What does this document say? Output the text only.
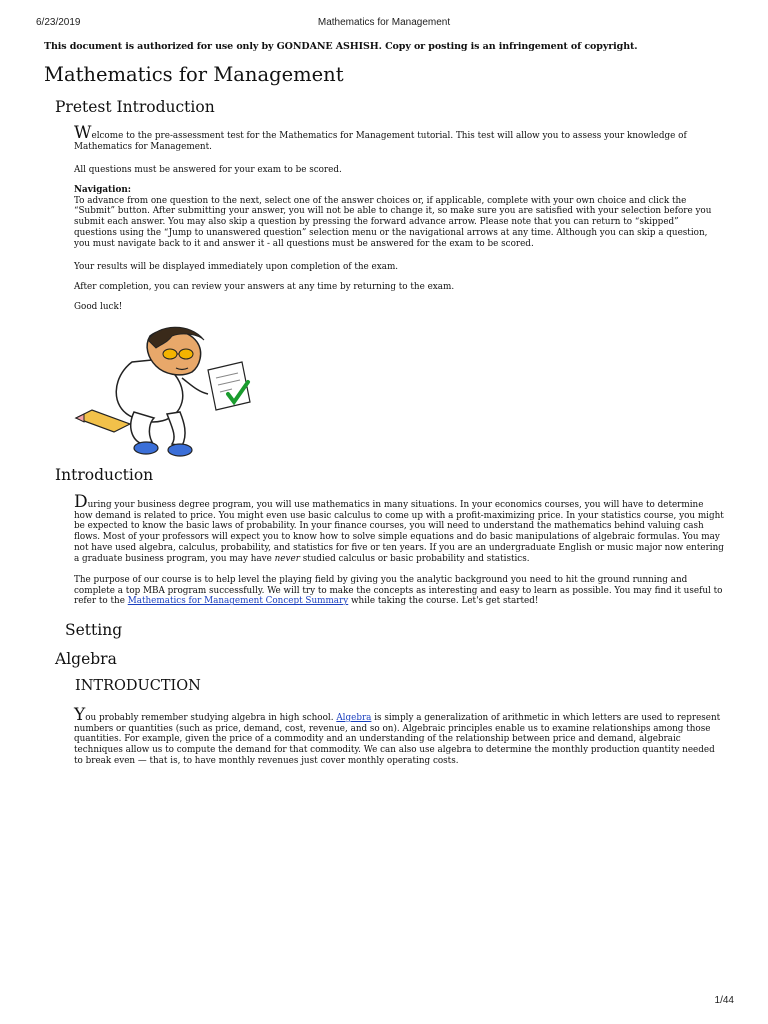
6/23/2019	Mathematics for Management
This document is authorized for use only by GONDANE ASHISH. Copy or posting is an infringement of copyright.
Mathematics for Management
Pretest Introduction

Welcome to the pre-assessment test for the Mathematics for Management tutorial. This test will allow you to assess your knowledge of Mathematics for Management.

All questions must be answered for your exam to be scored.

Navigation:
To advance from one question to the next, select one of the answer choices or, if applicable, complete with your own choice and click the “Submit” button. After submitting your answer, you will not be able to change it, so make sure you are satisfied with your selection before you submit each answer. You may also skip a question by pressing the forward advance arrow. Please note that you can return to “skipped” questions using the “Jump to unanswered question” selection menu or the navigational arrows at any time. Although you can skip a question, you must navigate back to it and answer it - all questions must be answered for the exam to be scored.

Your results will be displayed immediately upon completion of the exam.

After completion, you can review your answers at any time by returning to the exam.

Good luck!

Introduction

During your business degree program, you will use mathematics in many situations. In your economics courses, you will have to determine how demand is related to price. You might even use basic calculus to come up with a profit-maximizing price. In your statistics course, you might be expected to know the basic laws of probability. In your finance courses, you will need to understand the mathematics behind valuing cash flows. Most of your professors will expect you to know how to solve simple equations and do basic manipulations of algebraic formulas. You may not have used algebra, calculus, probability, and statistics for five or ten years. If you are an undergraduate English or music major now entering a graduate business program, you may have never studied calculus or basic probability and statistics.

The purpose of our course is to help level the playing field by giving you the analytic background you need to hit the ground running and complete a top MBA program successfully. We will try to make the concepts as interesting and easy to learn as possible. You may find it useful to refer to the Mathematics for Management Concept Summary while taking the course. Let's get started!

Setting
Algebra
INTRODUCTION

You probably remember studying algebra in high school. Algebra is simply a generalization of arithmetic in which letters are used to represent numbers or quantities (such as price, demand, cost, revenue, and so on). Algebraic principles enable us to examine relationships among those quantities. For example, given the price of a commodity and an understanding of the relationship between price and demand, algebraic techniques allow us to compute the demand for that commodity. We can also use algebra to determine the monthly production quantity needed to break even — that is, to have monthly revenues just cover monthly operating costs.

1/44
